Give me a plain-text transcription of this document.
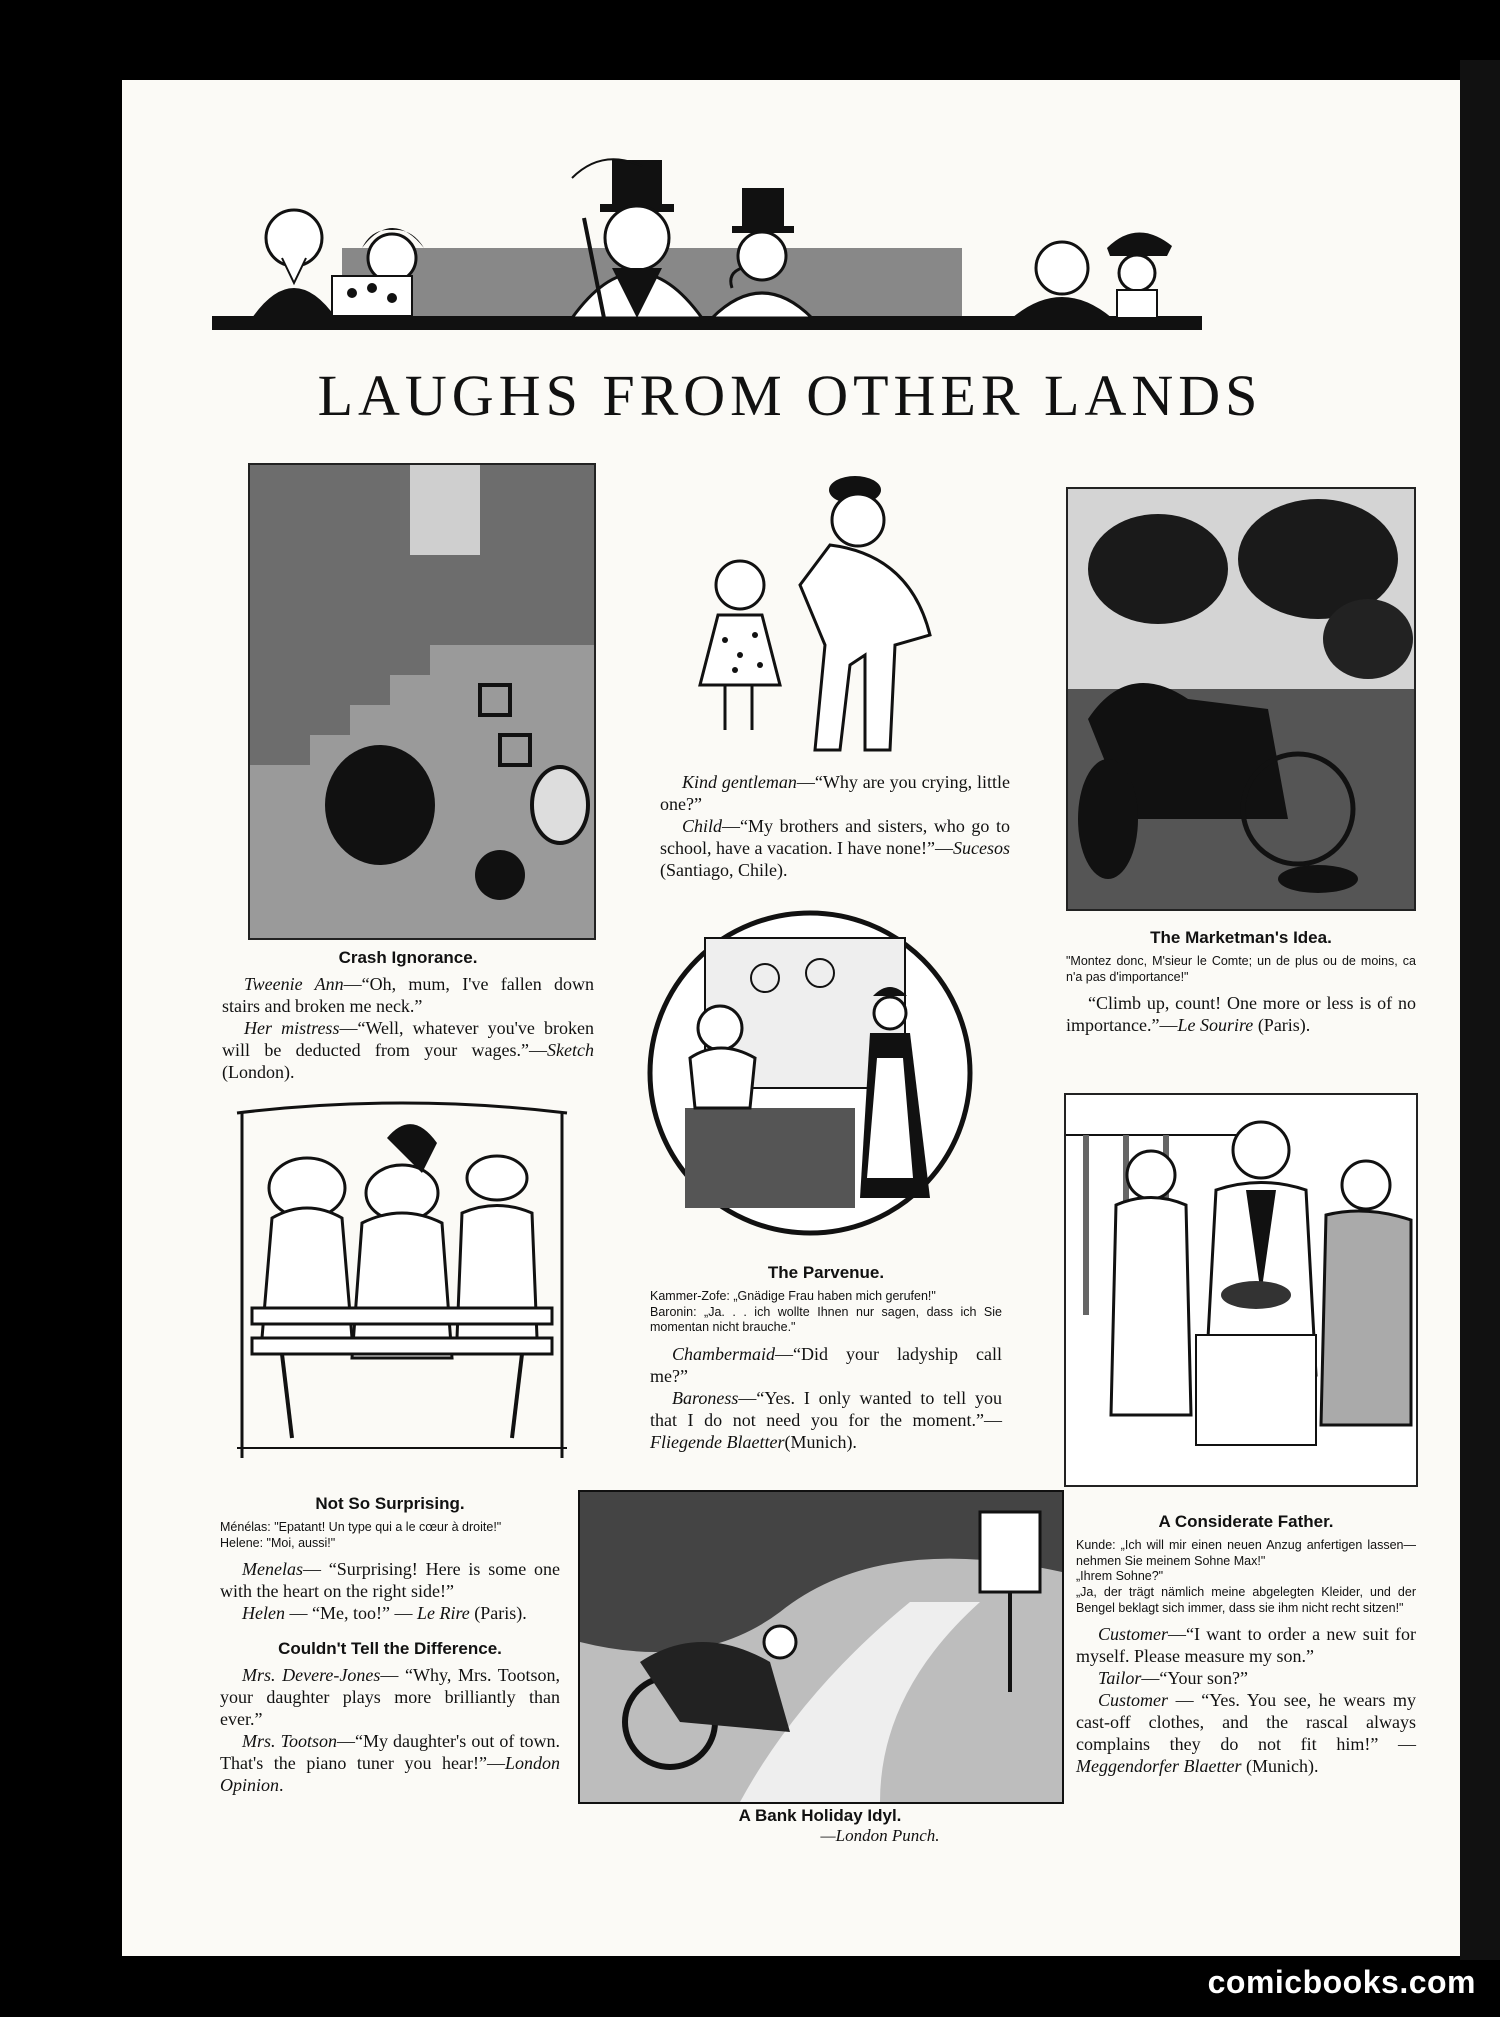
LAUGHS FROM OTHER LANDS

Crash Ignorance.

Tweenie Ann—“Oh, mum, I've fallen down stairs and broken me neck.”

Her mistress—“Well, whatever you've broken will be deducted from your wages.”—Sketch (London).

Kind gentleman—“Why are you crying, little one?”

Child—“My brothers and sisters, who go to school, have a vacation. I have none!”—Sucesos (Santiago, Chile).

The Marketman's Idea.

"Montez donc, M'sieur le Comte; un de plus ou de moins, ca n'a pas d'importance!"

“Climb up, count! One more or less is of no importance.”—Le Sourire (Paris).

The Parvenue.

Kammer-Zofe: „Gnädige Frau haben mich gerufen!"

Baronin: „Ja. . . ich wollte Ihnen nur sagen, dass ich Sie momentan nicht brauche."

Chambermaid—“Did your ladyship call me?”

Baroness—“Yes. I only wanted to tell you that I do not need you for the moment.”—Fliegende Blaetter(Munich).

Not So Surprising.

Ménélas: "Epatant! Un type qui a le cœur à droite!"

Helene: "Moi, aussi!"

Menelas— “Surprising! Here is some one with the heart on the right side!”

Helen — “Me, too!” — Le Rire (Paris).

Couldn't Tell the Difference.

Mrs. Devere-Jones— “Why, Mrs. Tootson, your daughter plays more brilliantly than ever.”

Mrs. Tootson—“My daughter's out of town. That's the piano tuner you hear!”—London Opinion.

A Bank Holiday Idyl.

—London Punch.

A Considerate Father.

Kunde: „Ich will mir einen neuen Anzug anfertigen lassen—nehmen Sie meinem Sohne Max!"

„Ihrem Sohne?"

„Ja, der trägt nämlich meine abgelegten Kleider, und der Bengel beklagt sich immer, dass sie ihm nicht recht sitzen!"

Customer—“I want to order a new suit for myself. Please measure my son.”

Tailor—“Your son?”

Customer — “Yes. You see, he wears my cast-off clothes, and the rascal always complains they do not fit him!” — Meggendorfer Blaetter (Munich).

comicbooks.com
